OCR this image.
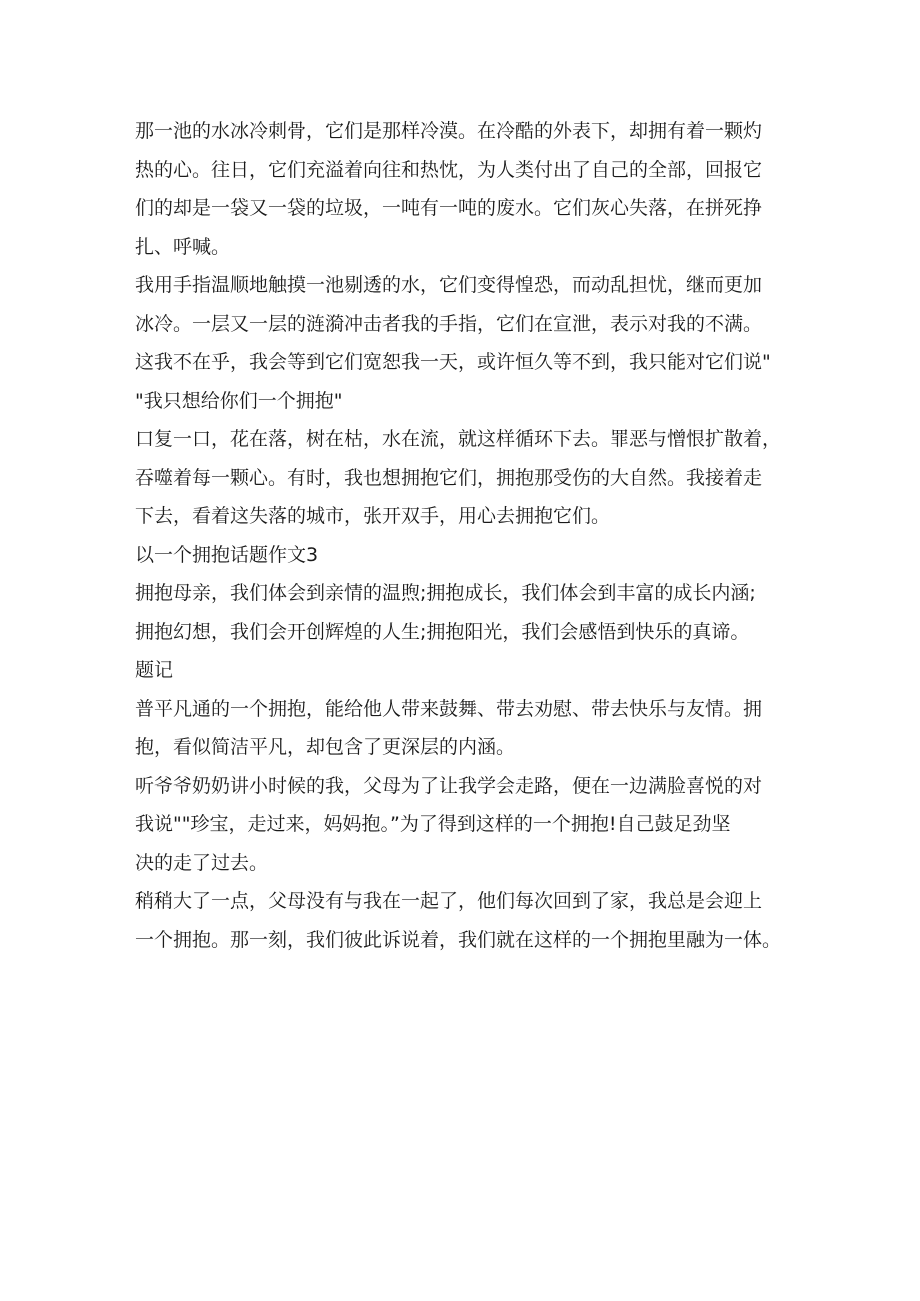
那一池的水冰冷刺骨，它们是那样冷漠。在冷酷的外表下，却拥有着一颗灼
热的心。往日，它们充溢着向往和热忱，为人类付出了自己的全部，回报它
们的却是一袋又一袋的垃圾，一吨有一吨的废水。它们灰心失落，在拼死挣
扎、呼喊。
我用手指温顺地触摸一池剔透的水，它们变得惶恐，而动乱担忧，继而更加
冰冷。一层又一层的涟漪冲击者我的手指，它们在宣泄，表示对我的不满。
这我不在乎，我会等到它们宽恕我一天，或许恒久等不到，我只能对它们说"
"我只想给你们一个拥抱"
口复一口，花在落，树在枯，水在流，就这样循环下去。罪恶与憎恨扩散着，
吞噬着每一颗心。有时，我也想拥抱它们，拥抱那受伤的大自然。我接着走
下去，看着这失落的城市，张开双手，用心去拥抱它们。
以一个拥抱话题作文3
拥抱母亲，我们体会到亲情的温煦;拥抱成长，我们体会到丰富的成长内涵;
拥抱幻想，我们会开创辉煌的人生;拥抱阳光，我们会感悟到快乐的真谛。
题记
普平凡通的一个拥抱，能给他人带来鼓舞、带去劝慰、带去快乐与友情。拥
抱，看似简洁平凡，却包含了更深层的内涵。
听爷爷奶奶讲小时候的我，父母为了让我学会走路，便在一边满脸喜悦的对
我说""珍宝，走过来，妈妈抱。”为了得到这样的一个拥抱!自己鼓足劲坚
决的走了过去。
稍稍大了一点，父母没有与我在一起了，他们每次回到了家，我总是会迎上
一个拥抱。那一刻，我们彼此诉说着，我们就在这样的一个拥抱里融为一体。
